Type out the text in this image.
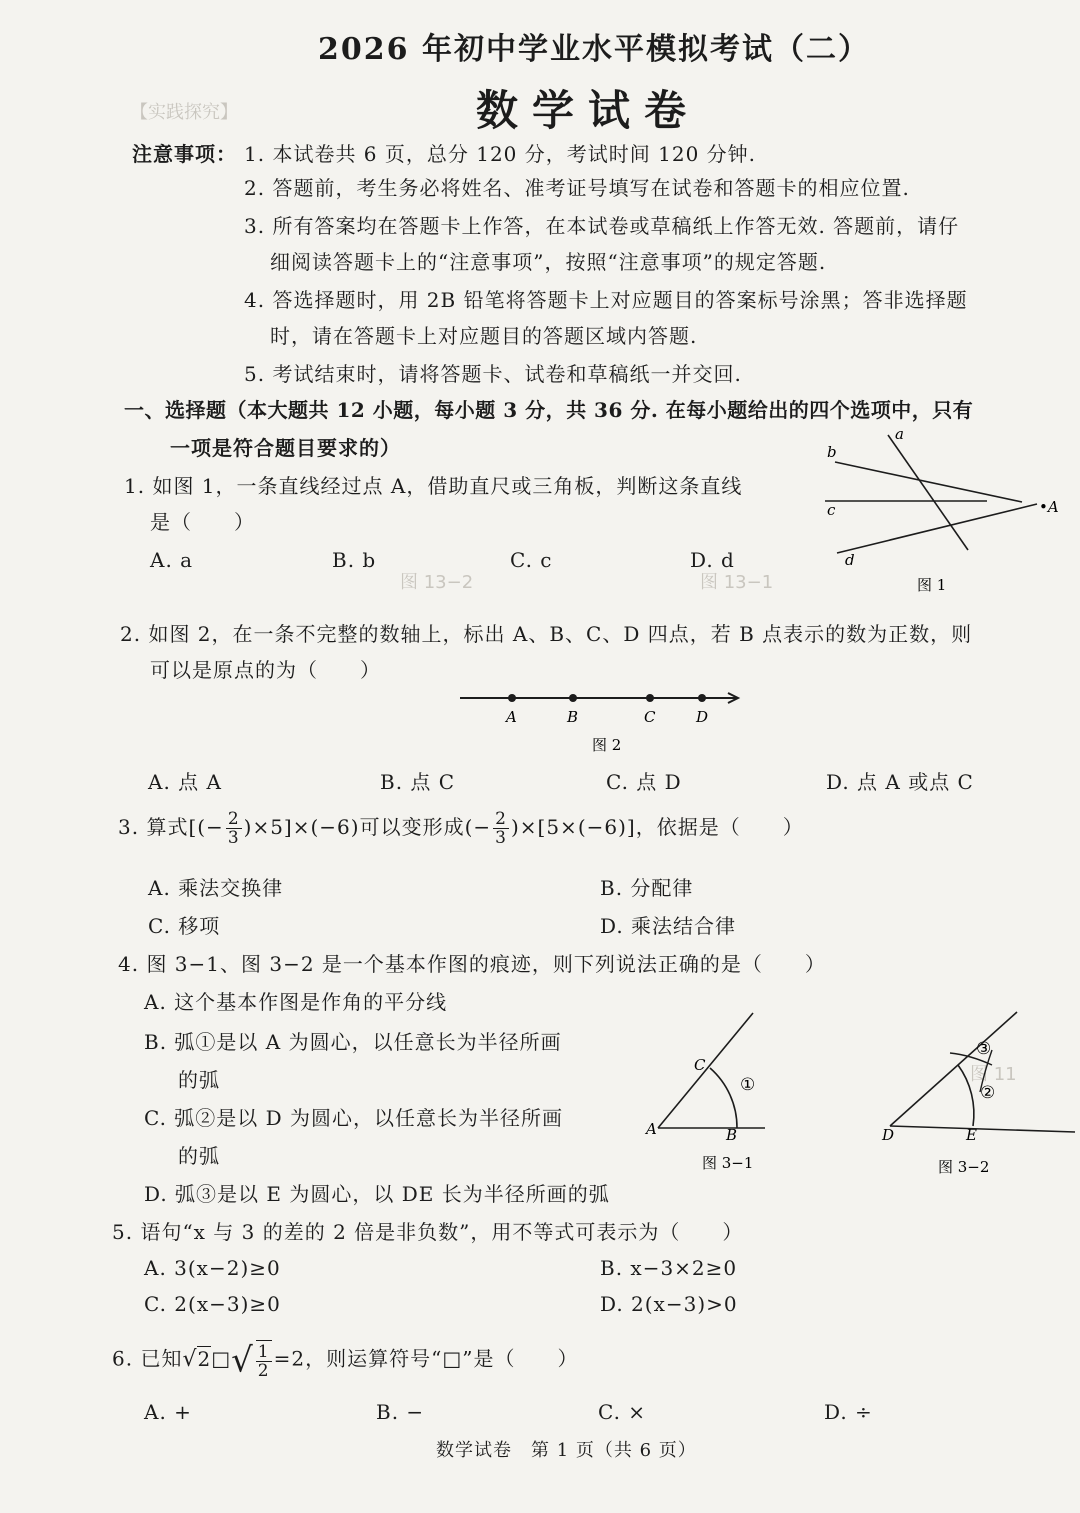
图 13−2	图 13−1
【实践探究】
图 11
2026 年初中学业水平模拟考试（二）
数学试卷
注意事项： 1. 本试卷共 6 页，总分 120 分，考试时间 120 分钟.
2. 答题前，考生务必将姓名、准考证号填写在试卷和答题卡的相应位置.
3. 所有答案均在答题卡上作答，在本试卷或草稿纸上作答无效. 答题前，请仔
细阅读答题卡上的“注意事项”，按照“注意事项”的规定答题.
4. 答选择题时，用 2B 铅笔将答题卡上对应题目的答案标号涂黑；答非选择题
时，请在答题卡上对应题目的答题区域内答题.
5. 考试结束时，请将答题卡、试卷和草稿纸一并交回.
一、选择题（本大题共 12 小题，每小题 3 分，共 36 分. 在每小题给出的四个选项中，只有
一项是符合题目要求的）
1. 如图 1，一条直线经过点 A，借助直尺或三角板，判断这条直线
是（　　）
A. a	B. b	C. c	D. d
a
b
c
d
•A
图 1
2. 如图 2，在一条不完整的数轴上，标出 A、B、C、D 四点，若 B 点表示的数为正数，则
可以是原点的为（　　）
A	B	C	D
图 2
A. 点 A	B. 点 C	C. 点 D	D. 点 A 或点 C
3. 算式[(− $\frac{2}{3} )\times 5]\times(-6)$可以变形成(− $\frac{2}{3} )\times[5\times(-6)]$，依据是（　　）
A. 乘法交换律	B. 分配律
C. 移项	D. 乘法结合律
4. 图 3−1、图 3−2 是一个基本作图的痕迹，则下列说法正确的是（　　）
A. 这个基本作图是作角的平分线
B. 弧①是以 A 为圆心，以任意长为半径所画
的弧
C. 弧②是以 D 为圆心，以任意长为半径所画
的弧
D. 弧③是以 E 为圆心，以 DE 长为半径所画的弧
A	B
C
①
图 3−1
D	E
③
②
图 3−2
5. 语句“x 与 3 的差的 2 倍是非负数”，用不等式可表示为（　　）
A. 3(x−2)≥0	B. x−3×2≥0
C. 2(x−3)≥0	D. 2(x−3)>0
6. 已知√2□√ $\frac{1}{2} =2$，则运算符号“□”是（　　）
A. +	B. −	C. ×	D. ÷
数学试卷　第 1 页（共 6 页）
